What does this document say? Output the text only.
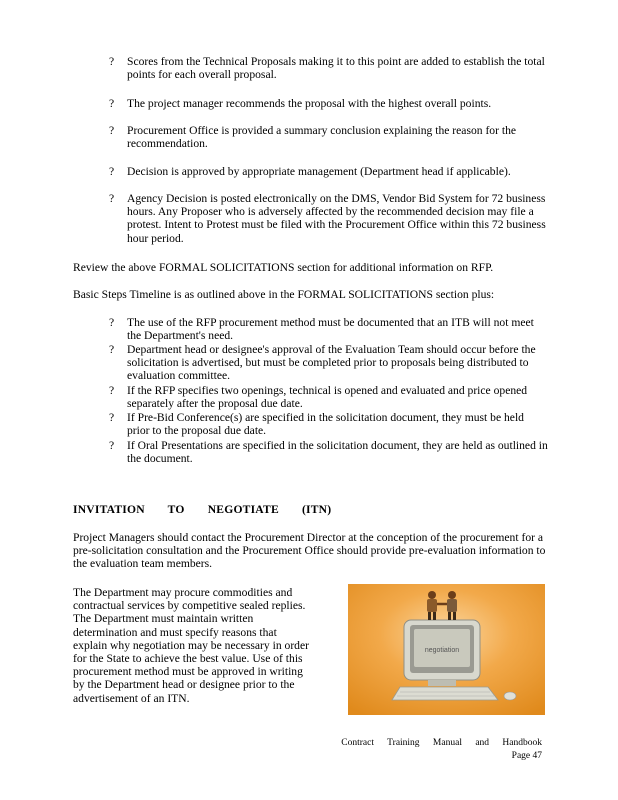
?	Scores from the Technical Proposals making it to this point are added to establish the total points for each overall proposal.
?	The project manager recommends the proposal with the highest overall points.
?	Procurement Office is provided a summary conclusion explaining the reason for the recommendation.
?	Decision is approved by appropriate management (Department head if applicable).
?	Agency Decision is posted electronically on the DMS, Vendor Bid System for 72 business hours. Any Proposer who is adversely affected by the recommended decision may file a protest. Intent to Protest must be filed with the Procurement Office within this 72 business hour period.
Review the above FORMAL SOLICITATIONS section for additional information on RFP.
Basic Steps Timeline is as outlined above in the FORMAL SOLICITATIONS section plus:
?	The use of the RFP procurement method must be documented that an ITB will not meet the Department's need.
?	Department head or designee's approval of the Evaluation Team should occur before the solicitation is advertised, but must be completed prior to proposals being distributed to evaluation committee.
?	If the RFP specifies two openings, technical is opened and evaluated and price opened separately after the proposal due date.
?	If Pre-Bid Conference(s) are specified in the solicitation document, they must be held prior to the proposal due date.
?	If Oral Presentations are specified in the solicitation document, they are held as outlined in the document.
INVITATION TO NEGOTIATE (ITN)
Project Managers should contact the Procurement Director at the conception of the procurement for a pre-solicitation consultation and the Procurement Office should provide pre-evaluation information to the evaluation team members.
The Department may procure commodities and contractual services by competitive sealed replies. The Department must maintain written determination and must specify reasons that explain why negotiation may be necessary in order for the State to achieve the best value. Use of this procurement method must be approved in writing by the Department head or designee prior to the advertisement of an ITN.
negotiation
Contract Training Manual and Handbook
Page 47
